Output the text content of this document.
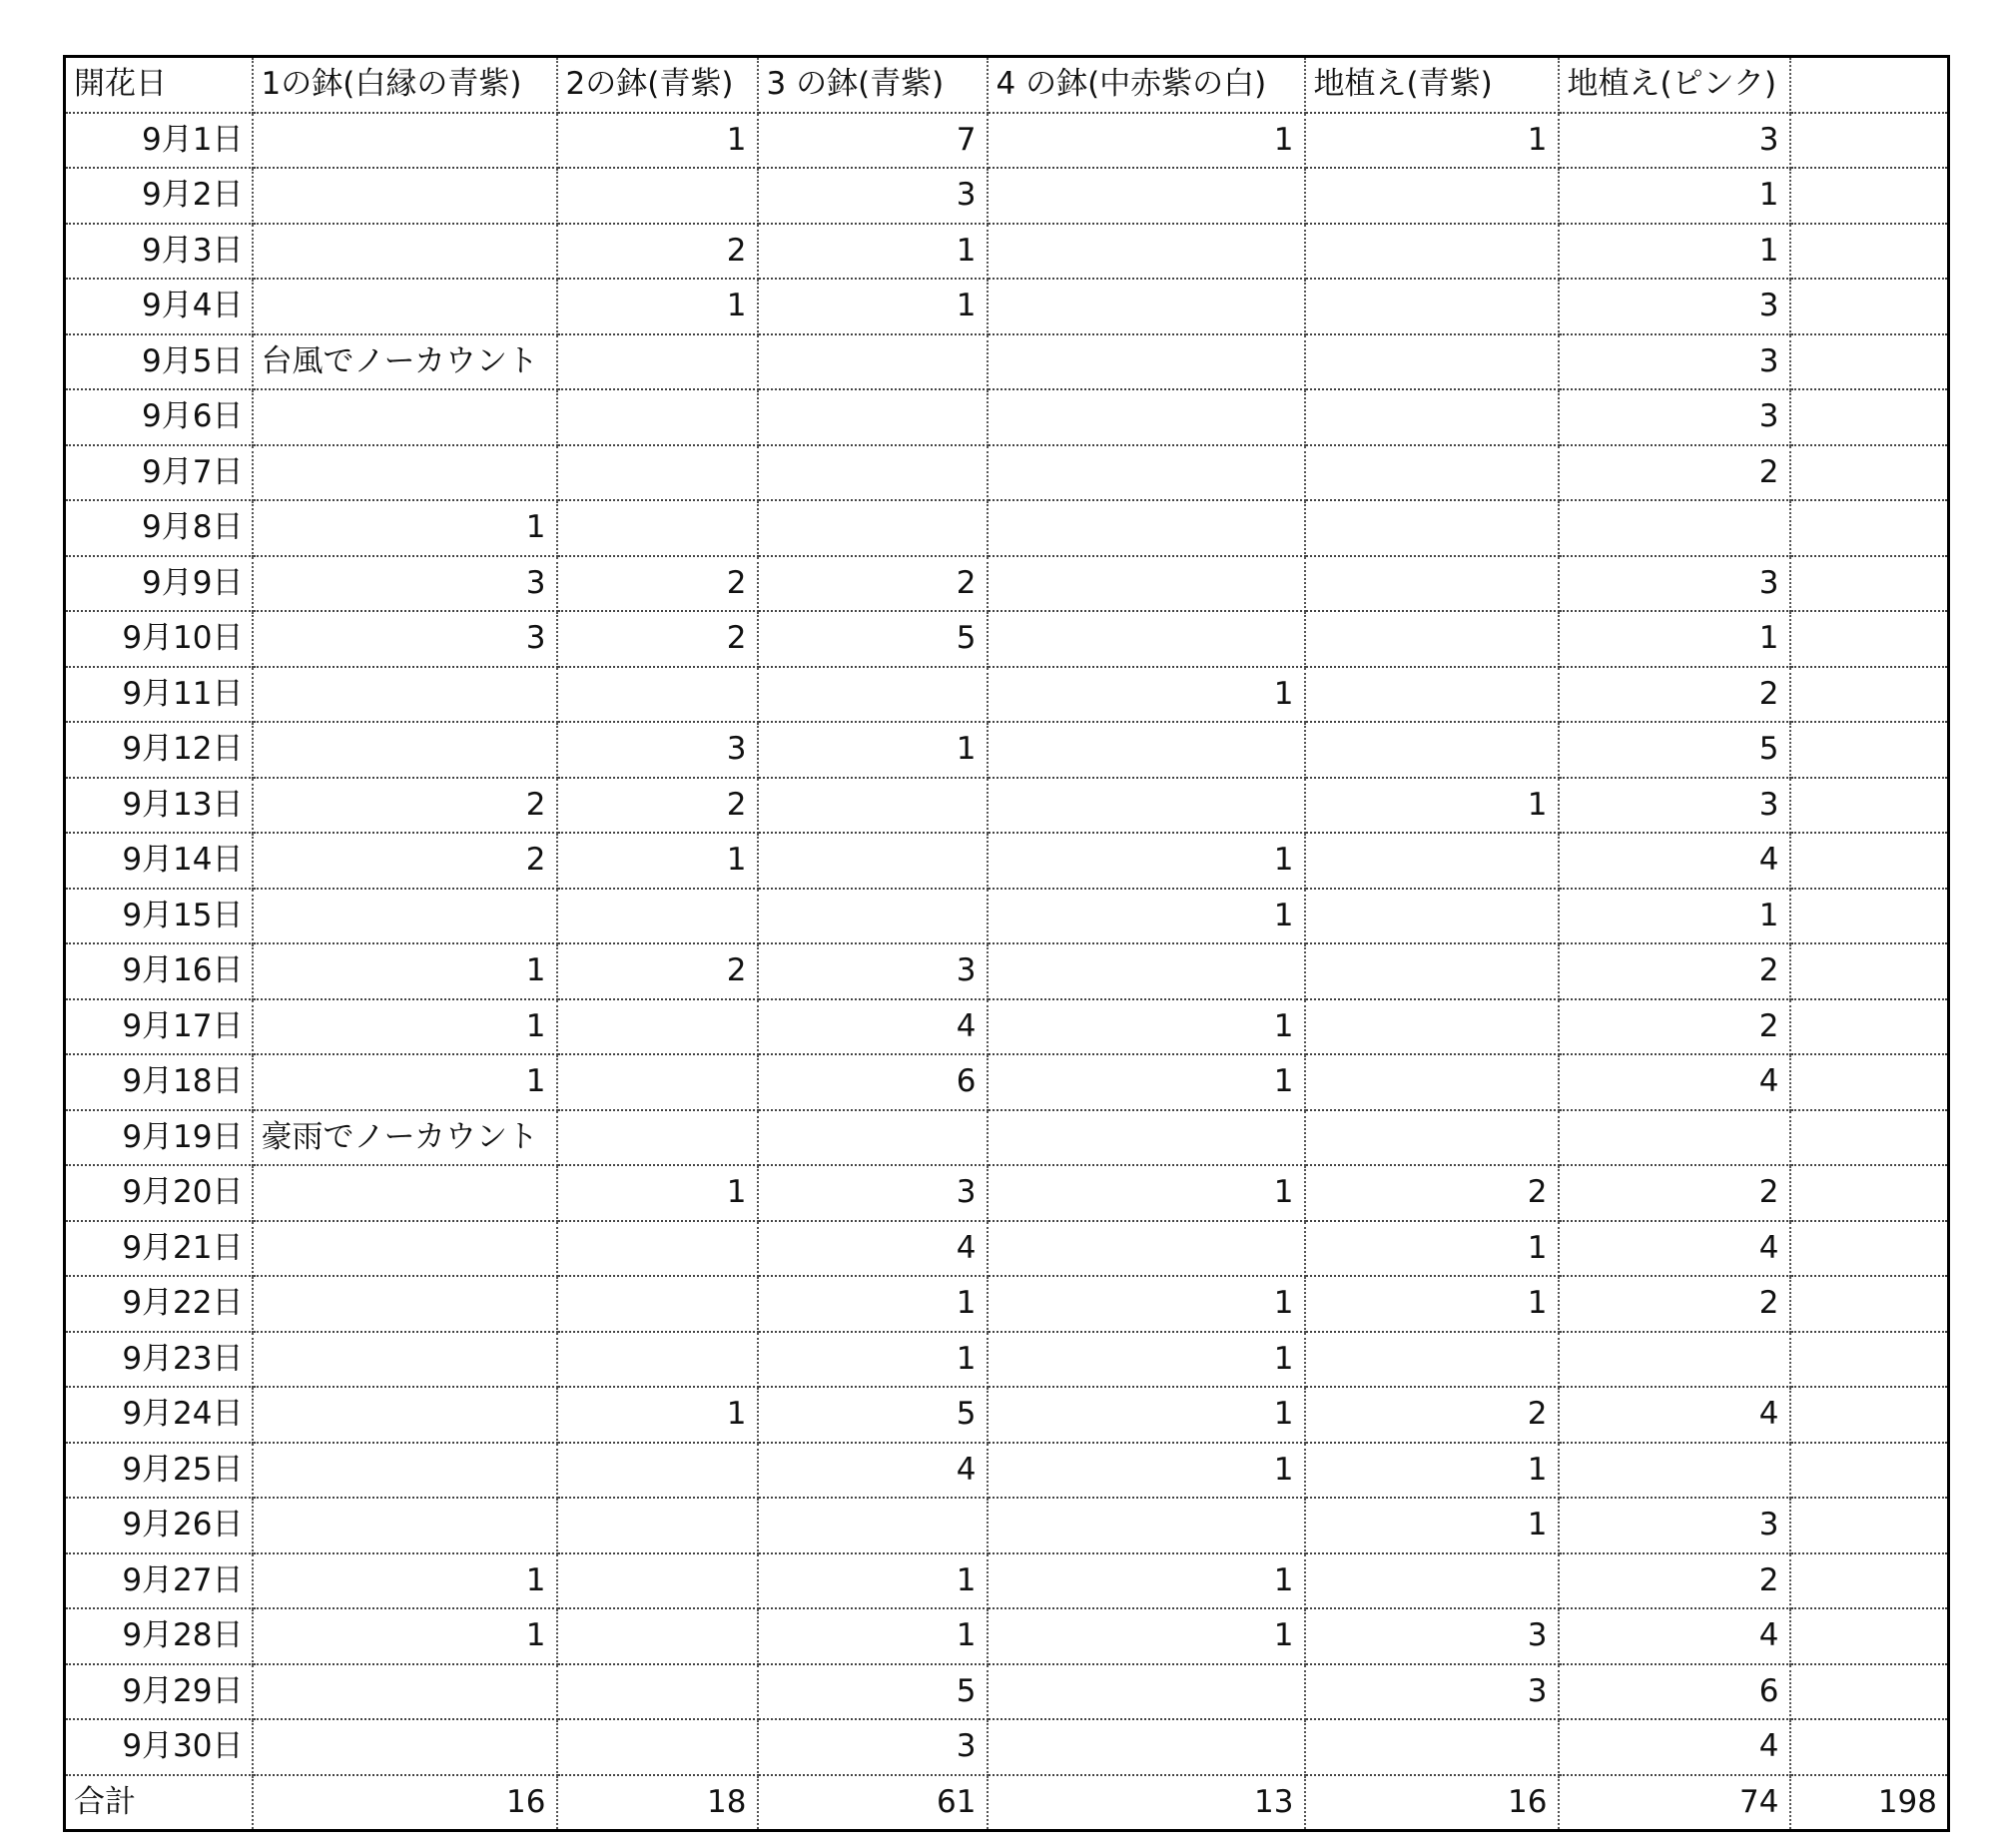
開花日	1の鉢(白縁の青紫)	2の鉢(青紫)	3 の鉢(青紫)	4 の鉢(中赤紫の白)	地植え(青紫)	地植え(ピンク)	
9月1日		1	7	1	1	3	
9月2日			3			1	
9月3日		2	1			1	
9月4日		1	1			3	
9月5日	台風でノーカウント					3	
9月6日						3	
9月7日						2	
9月8日	1						
9月9日	3	2	2			3	
9月10日	3	2	5			1	
9月11日				1		2	
9月12日		3	1			5	
9月13日	2	2			1	3	
9月14日	2	1		1		4	
9月15日				1		1	
9月16日	1	2	3			2	
9月17日	1		4	1		2	
9月18日	1		6	1		4	
9月19日	豪雨でノーカウント						
9月20日		1	3	1	2	2	
9月21日			4		1	4	
9月22日			1	1	1	2	
9月23日			1	1			
9月24日		1	5	1	2	4	
9月25日			4	1	1		
9月26日					1	3	
9月27日	1		1	1		2	
9月28日	1		1	1	3	4	
9月29日			5		3	6	
9月30日			3			4	
合計	16	18	61	13	16	74	198
